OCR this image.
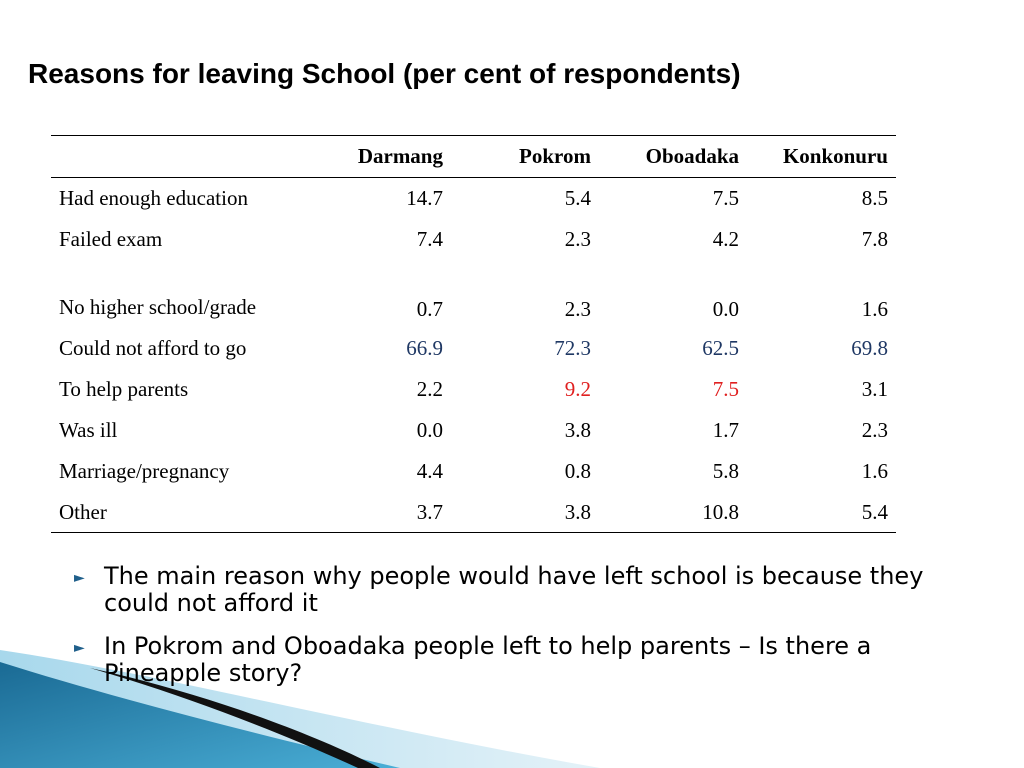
Reasons for leaving School (per cent of respondents)
	Darmang	Pokrom	Oboadaka	Konkonuru
Had enough education	14.7	5.4	7.5	8.5
Failed exam	7.4	2.3	4.2	7.8
No higher school/grade	0.7	2.3	0.0	1.6
Could not afford to go	66.9	72.3	62.5	69.8
To help parents	2.2	9.2	7.5	3.1
Was ill	0.0	3.8	1.7	2.3
Marriage/pregnancy	4.4	0.8	5.8	1.6
Other	3.7	3.8	10.8	5.4
► The main reason why people would have left school is because they could not afford it
► In Pokrom and Oboadaka people left to help parents – Is there a Pineapple story?
